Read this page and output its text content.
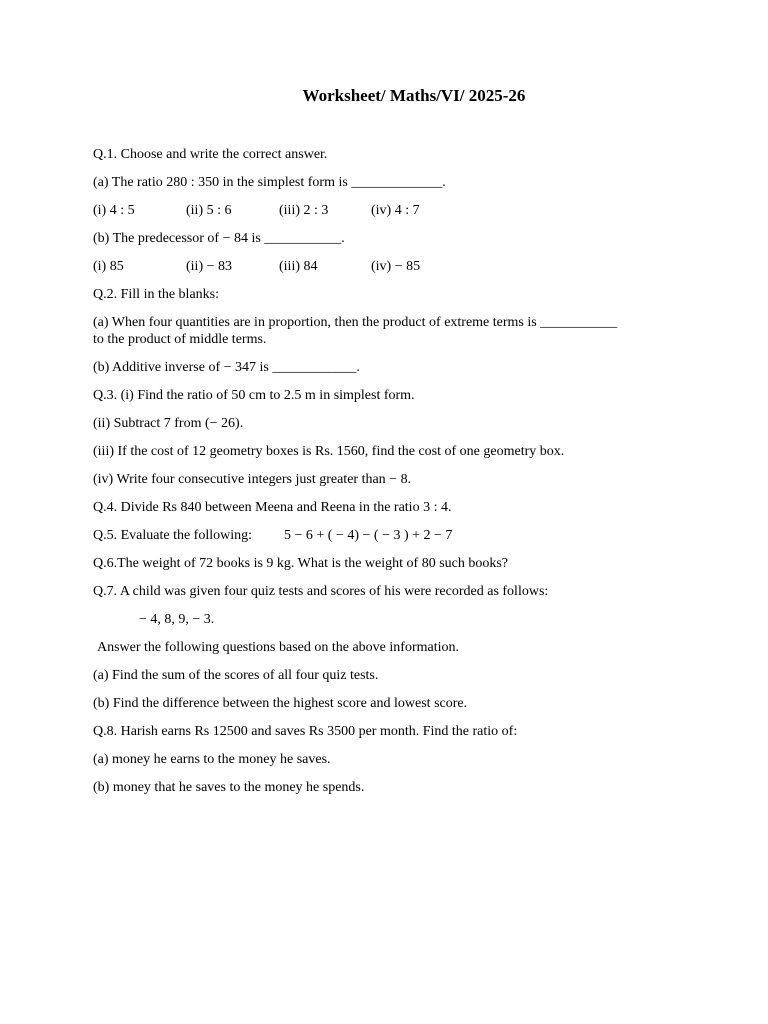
Worksheet/ Maths/VI/ 2025-26
Q.1. Choose and write the correct answer.
(a) The ratio 280 : 350 in the simplest form is _____________.
(i) 4 : 5	(ii) 5 : 6	(iii) 2 : 3	(iv) 4 : 7
(b) The predecessor of − 84 is ___________.
(i) 85	(ii) − 83	(iii) 84	(iv) − 85
Q.2. Fill in the blanks:
(a) When four quantities are in proportion, then the product of extreme terms is ___________
to the product of middle terms.
(b) Additive inverse of − 347 is ____________.
Q.3. (i) Find the ratio of 50 cm to 2.5 m in simplest form.
(ii) Subtract 7 from (− 26).
(iii) If the cost of 12 geometry boxes is Rs. 1560, find the cost of one geometry box.
(iv) Write four consecutive integers just greater than − 8.
Q.4. Divide Rs 840 between Meena and Reena in the ratio 3 : 4.
Q.5. Evaluate the following: 5 − 6 + ( − 4) − ( − 3 ) + 2 − 7
Q.6.The weight of 72 books is 9 kg. What is the weight of 80 such books?
Q.7. A child was given four quiz tests and scores of his were recorded as follows:
− 4, 8, 9, − 3.
Answer the following questions based on the above information.
(a) Find the sum of the scores of all four quiz tests.
(b) Find the difference between the highest score and lowest score.
Q.8. Harish earns Rs 12500 and saves Rs 3500 per month. Find the ratio of:
(a) money he earns to the money he saves.
(b) money that he saves to the money he spends.
